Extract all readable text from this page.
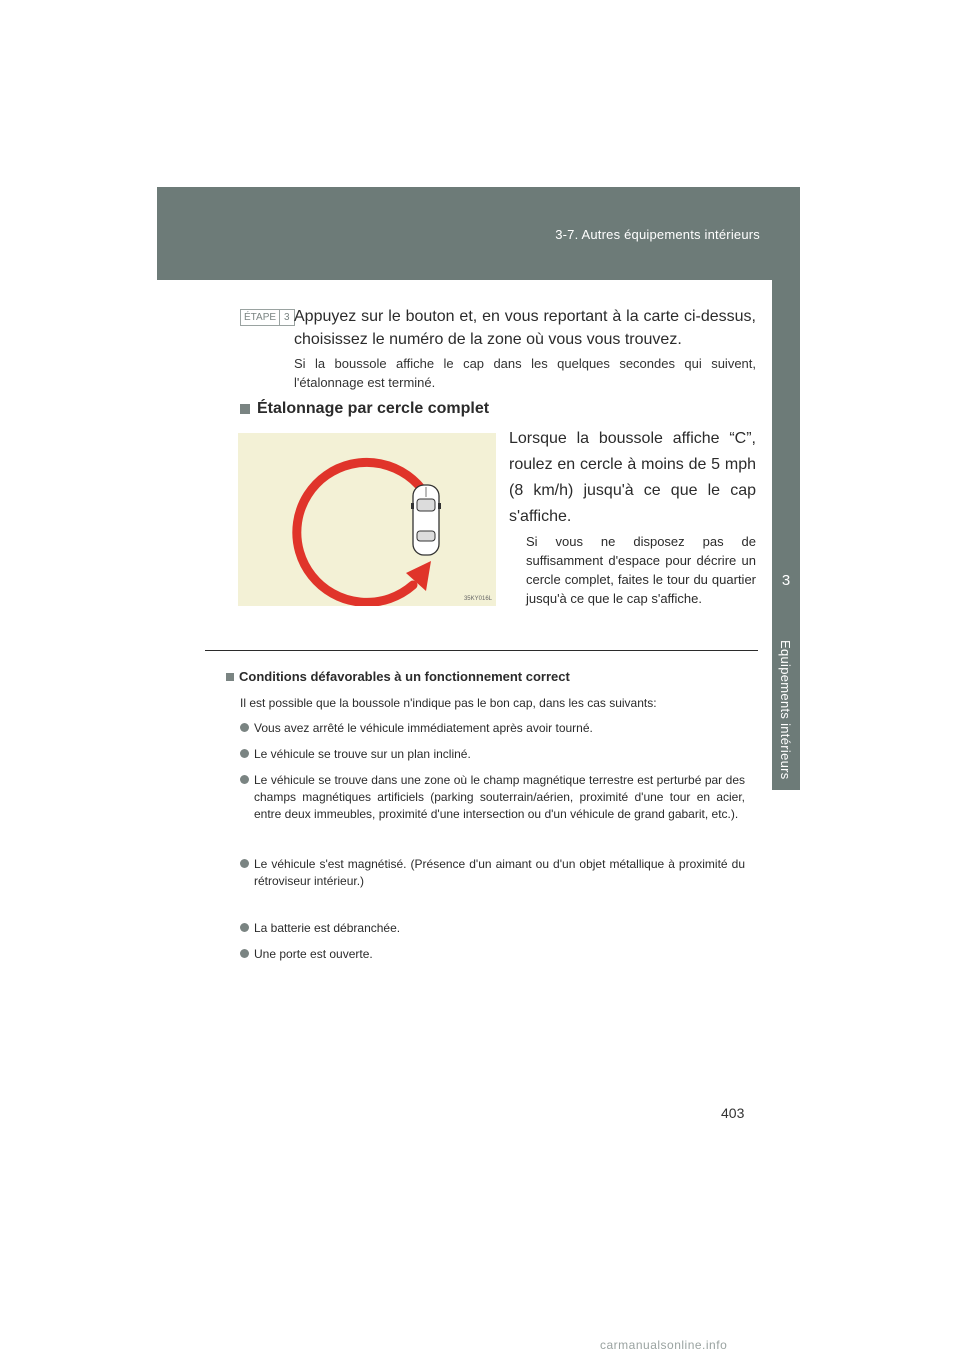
3-7. Autres équipements intérieurs
3
Equipements intérieurs
ÉTAPE 3 Appuyez sur le bouton et, en vous reportant à la carte ci-dessus, choisissez le numéro de la zone où vous vous trouvez.
Si la boussole affiche le cap dans les quelques secondes qui suivent, l'étalonnage est terminé.
Étalonnage par cercle complet
35KY016L
Lorsque la boussole affiche “C”, roulez en cercle à moins de 5 mph (8 km/h) jusqu'à ce que le cap s'affiche.
Si vous ne disposez pas de suffisamment d'espace pour décrire un cercle complet, faites le tour du quartier jusqu'à ce que le cap s'affiche.
Conditions défavorables à un fonctionnement correct
Il est possible que la boussole n'indique pas le bon cap, dans les cas suivants:
Vous avez arrêté le véhicule immédiatement après avoir tourné.
Le véhicule se trouve sur un plan incliné.
Le véhicule se trouve dans une zone où le champ magnétique terrestre est perturbé par des champs magnétiques artificiels (parking souterrain/aérien, proximité d'une tour en acier, entre deux immeubles, proximité d'une intersection ou d'un véhicule de grand gabarit, etc.).
Le véhicule s'est magnétisé. (Présence d'un aimant ou d'un objet métallique à proximité du rétroviseur intérieur.)
La batterie est débranchée.
Une porte est ouverte.
403
carmanualsonline.info
